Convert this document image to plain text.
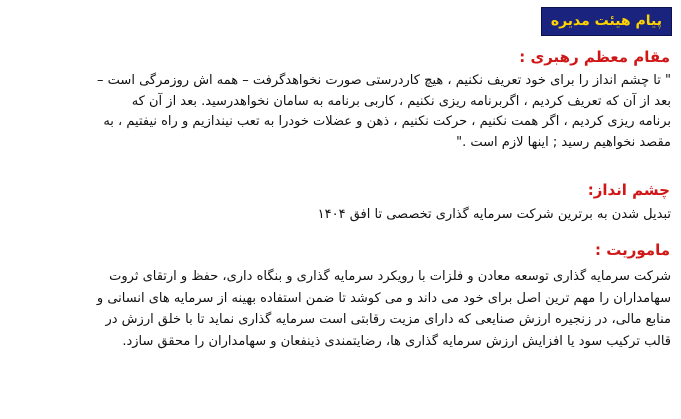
پیام هیئت مدیره
مقام معظم رهبری :
" تا چشم انداز را برای خود تعریف نکنیم ، هیچ کاردرستی صورت نخواهدگرفت – همه اش روزمرگی است –
بعد از آن که تعریف کردیم ، اگربرنامه ریزی نکنیم ، کاربی برنامه به سامان نخواهدرسید. بعد از آن که
برنامه ریزی کردیم ، اگر همت نکنیم ، حرکت نکنیم ، ذهن و عضلات خودرا به تعب نیندازیم و راه نیفتیم ، به
مقصد نخواهیم رسید ; اینها لازم است ."
چشم انداز:
تبدیل شدن به برترین شرکت سرمایه گذاری تخصصی تا افق ۱۴۰۴
ماموریت :
شرکت سرمایه گذاری توسعه معادن و فلزات با رویکرد سرمایه گذاری و بنگاه داری، حفظ و ارتقای ثروت
سهامداران را مهم ترین اصل برای خود می داند و می کوشد تا ضمن استفاده بهینه از سرمایه های انسانی و
منابع مالی، در زنجیره ارزش صنایعی که دارای مزیت رقابتی است سرمایه گذاری نماید تا با خلق ارزش در
قالب ترکیب سود یا افزایش ارزش سرمایه گذاری ها، رضایتمندی ذینفعان و سهامداران را محقق سازد.
